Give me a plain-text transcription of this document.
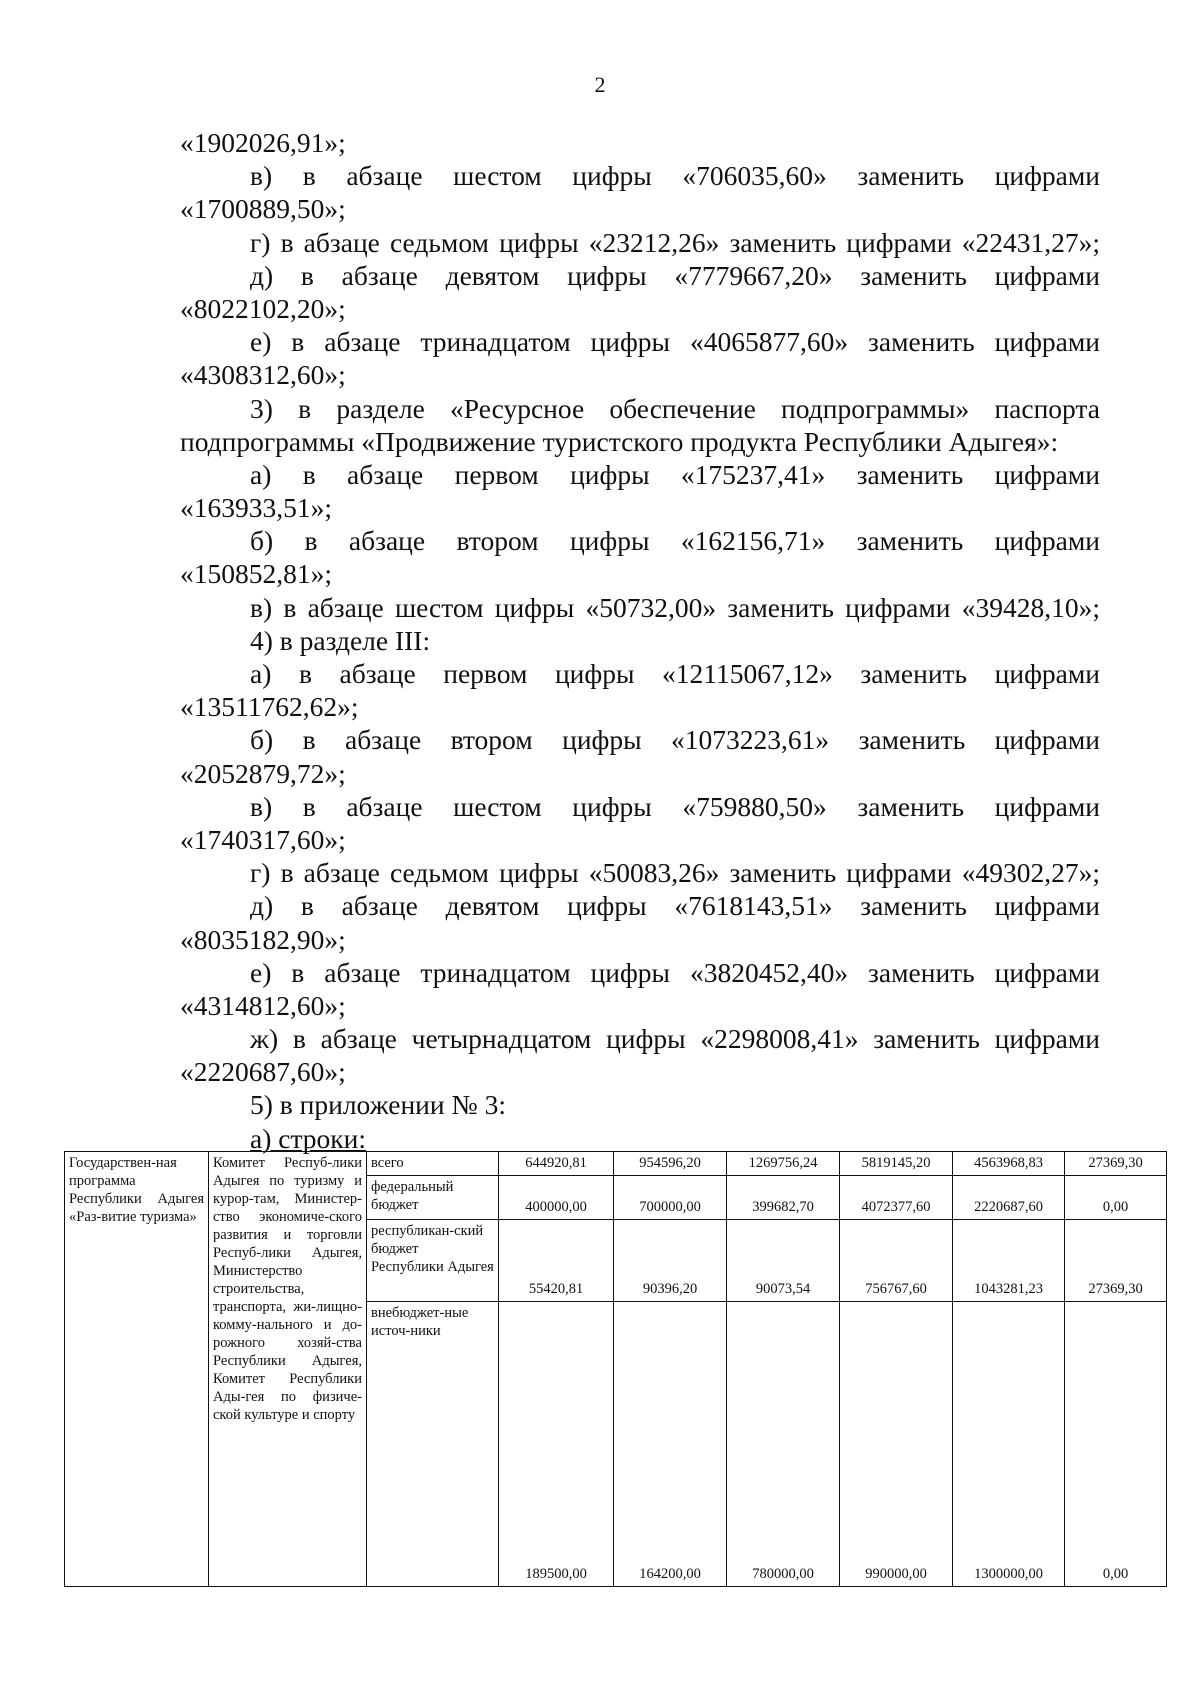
2
«1902026,91»;
в) в абзаце шестом цифры «706035,60» заменить цифрами
«1700889,50»;
г) в абзаце седьмом цифры «23212,26» заменить цифрами «22431,27»;
д) в абзаце девятом цифры «7779667,20» заменить цифрами
«8022102,20»;
е) в абзаце тринадцатом цифры «4065877,60» заменить цифрами
«4308312,60»;
3) в разделе «Ресурсное обеспечение подпрограммы» паспорта
подпрограммы «Продвижение туристского продукта Республики Адыгея»:
а) в абзаце первом цифры «175237,41» заменить цифрами
«163933,51»;
б) в абзаце втором цифры «162156,71» заменить цифрами
«150852,81»;
в) в абзаце шестом цифры «50732,00» заменить цифрами «39428,10»;
4) в разделе III:
а) в абзаце первом цифры «12115067,12» заменить цифрами
«13511762,62»;
б) в абзаце втором цифры «1073223,61» заменить цифрами
«2052879,72»;
в) в абзаце шестом цифры «759880,50» заменить цифрами
«1740317,60»;
г) в абзаце седьмом цифры «50083,26» заменить цифрами «49302,27»;
д) в абзаце девятом цифры «7618143,51» заменить цифрами
«8035182,90»;
е) в абзаце тринадцатом цифры «3820452,40» заменить цифрами
«4314812,60»;
ж) в абзаце четырнадцатом цифры «2298008,41» заменить цифрами
«2220687,60»;
5) в приложении № 3:
а) строки:
Государствен-ная программа Республики Адыгея «Раз-витие туризма»	Комитет Респуб-лики Адыгея по туризму и курор-там, Министер-ство экономиче-ского развития и торговли Респуб-лики Адыгея, Министерство строительства, транспорта, жи-лищно-комму-нального и до-рожного хозяй-ства Республики Адыгея, Комитет Республики Ады-гея по физиче-ской культуре и спорту	всего	644920,81	954596,20	1269756,24	5819145,20	4563968,83	27369,30
		федеральный бюджет	400000,00	700000,00	399682,70	4072377,60	2220687,60	0,00
		республикан-ский бюджет Республики Адыгея	55420,81	90396,20	90073,54	756767,60	1043281,23	27369,30
		внебюджет-ные источ-ники	189500,00	164200,00	780000,00	990000,00	1300000,00	0,00
